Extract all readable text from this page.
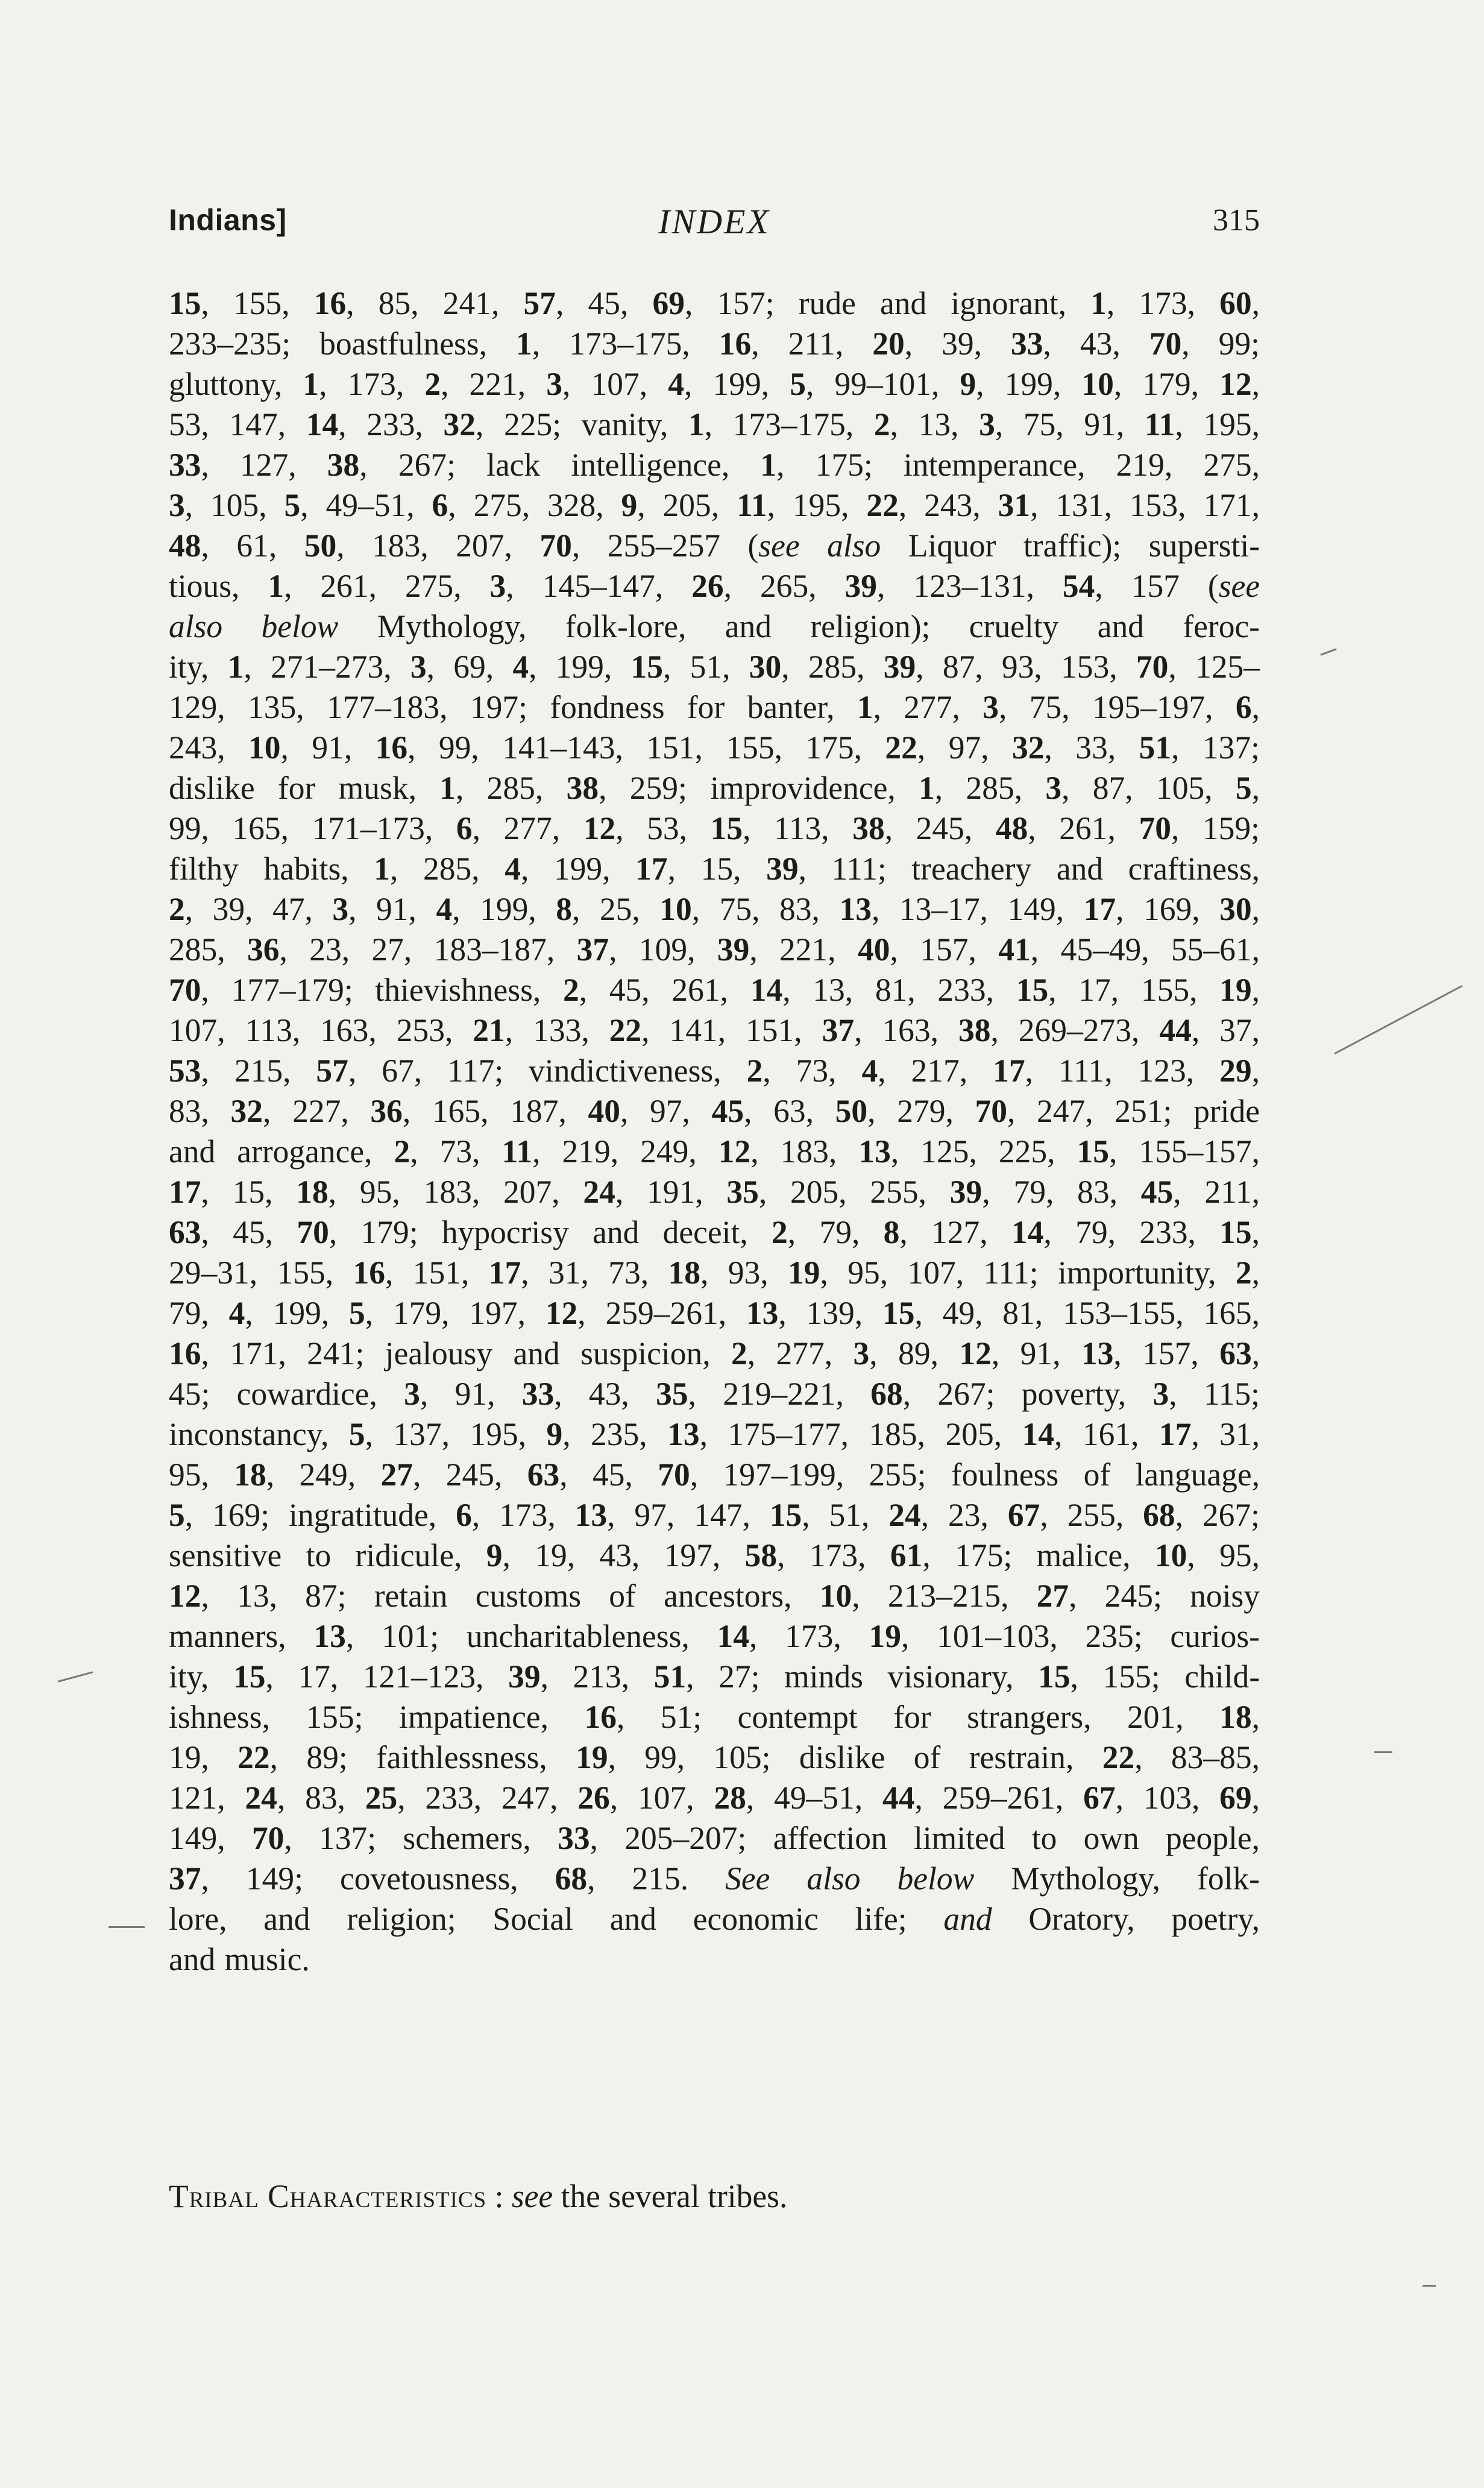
Indians]	INDEX	315
15, 155, 16, 85, 241, 57, 45, 69, 157; rude and ignorant, 1, 173, 60,
233–235; boastfulness, 1, 173–175, 16, 211, 20, 39, 33, 43, 70, 99;
gluttony, 1, 173, 2, 221, 3, 107, 4, 199, 5, 99–101, 9, 199, 10, 179, 12,
53, 147, 14, 233, 32, 225; vanity, 1, 173–175, 2, 13, 3, 75, 91, 11, 195,
33, 127, 38, 267; lack intelligence, 1, 175; intemperance, 219, 275,
3, 105, 5, 49–51, 6, 275, 328, 9, 205, 11, 195, 22, 243, 31, 131, 153, 171,
48, 61, 50, 183, 207, 70, 255–257 (see also Liquor traffic); supersti-
tious, 1, 261, 275, 3, 145–147, 26, 265, 39, 123–131, 54, 157 (see
also below Mythology, folk-lore, and religion); cruelty and feroc-
ity, 1, 271–273, 3, 69, 4, 199, 15, 51, 30, 285, 39, 87, 93, 153, 70, 125–
129, 135, 177–183, 197; fondness for banter, 1, 277, 3, 75, 195–197, 6,
243, 10, 91, 16, 99, 141–143, 151, 155, 175, 22, 97, 32, 33, 51, 137;
dislike for musk, 1, 285, 38, 259; improvidence, 1, 285, 3, 87, 105, 5,
99, 165, 171–173, 6, 277, 12, 53, 15, 113, 38, 245, 48, 261, 70, 159;
filthy habits, 1, 285, 4, 199, 17, 15, 39, 111; treachery and craftiness,
2, 39, 47, 3, 91, 4, 199, 8, 25, 10, 75, 83, 13, 13–17, 149, 17, 169, 30,
285, 36, 23, 27, 183–187, 37, 109, 39, 221, 40, 157, 41, 45–49, 55–61,
70, 177–179; thievishness, 2, 45, 261, 14, 13, 81, 233, 15, 17, 155, 19,
107, 113, 163, 253, 21, 133, 22, 141, 151, 37, 163, 38, 269–273, 44, 37,
53, 215, 57, 67, 117; vindictiveness, 2, 73, 4, 217, 17, 111, 123, 29,
83, 32, 227, 36, 165, 187, 40, 97, 45, 63, 50, 279, 70, 247, 251; pride
and arrogance, 2, 73, 11, 219, 249, 12, 183, 13, 125, 225, 15, 155–157,
17, 15, 18, 95, 183, 207, 24, 191, 35, 205, 255, 39, 79, 83, 45, 211,
63, 45, 70, 179; hypocrisy and deceit, 2, 79, 8, 127, 14, 79, 233, 15,
29–31, 155, 16, 151, 17, 31, 73, 18, 93, 19, 95, 107, 111; importunity, 2,
79, 4, 199, 5, 179, 197, 12, 259–261, 13, 139, 15, 49, 81, 153–155, 165,
16, 171, 241; jealousy and suspicion, 2, 277, 3, 89, 12, 91, 13, 157, 63,
45; cowardice, 3, 91, 33, 43, 35, 219–221, 68, 267; poverty, 3, 115;
inconstancy, 5, 137, 195, 9, 235, 13, 175–177, 185, 205, 14, 161, 17, 31,
95, 18, 249, 27, 245, 63, 45, 70, 197–199, 255; foulness of language,
5, 169; ingratitude, 6, 173, 13, 97, 147, 15, 51, 24, 23, 67, 255, 68, 267;
sensitive to ridicule, 9, 19, 43, 197, 58, 173, 61, 175; malice, 10, 95,
12, 13, 87; retain customs of ancestors, 10, 213–215, 27, 245; noisy
manners, 13, 101; uncharitableness, 14, 173, 19, 101–103, 235; curios-
ity, 15, 17, 121–123, 39, 213, 51, 27; minds visionary, 15, 155; child-
ishness, 155; impatience, 16, 51; contempt for strangers, 201, 18,
19, 22, 89; faithlessness, 19, 99, 105; dislike of restrain, 22, 83–85,
121, 24, 83, 25, 233, 247, 26, 107, 28, 49–51, 44, 259–261, 67, 103, 69,
149, 70, 137; schemers, 33, 205–207; affection limited to own people,
37, 149; covetousness, 68, 215. See also below Mythology, folk-
lore, and religion; Social and economic life; and Oratory, poetry,
and music.
Tribal Characteristics : see the several tribes.
